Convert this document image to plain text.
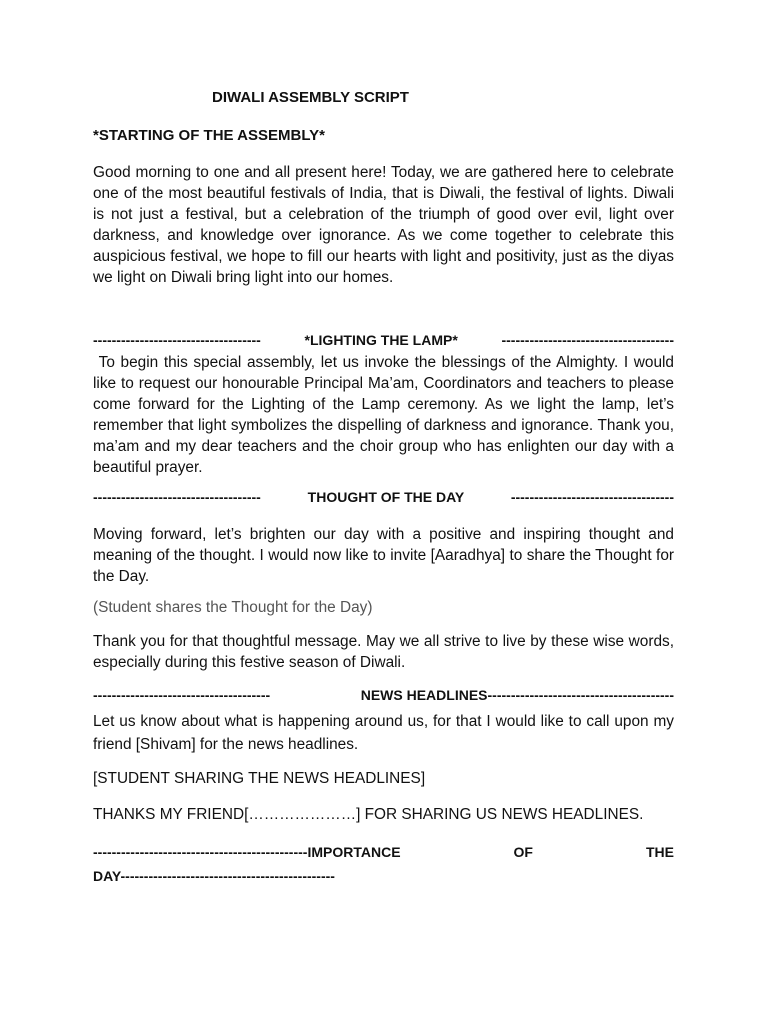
DIWALI ASSEMBLY SCRIPT
*STARTING OF THE ASSEMBLY*
Good morning to one and all present here! Today, we are gathered here to celebrate one of the most beautiful festivals of India, that is Diwali, the festival of lights. Diwali is not just a festival, but a celebration of the triumph of good over evil, light over darkness, and knowledge over ignorance. As we come together to celebrate this auspicious festival, we hope to fill our hearts with light and positivity, just as the diyas we light on Diwali bring light into our homes.
------------------------------------	*LIGHTING THE LAMP*	-------------------------------------
To begin this special assembly, let us invoke the blessings of the Almighty. I would like to request our honourable Principal Ma’am, Coordinators and teachers to please come forward for the Lighting of the Lamp ceremony. As we light the lamp, let’s remember that light symbolizes the dispelling of darkness and ignorance. Thank you, ma’am and my dear teachers and the choir group who has enlighten our day with a beautiful prayer.
------------------------------------	THOUGHT OF THE DAY	-----------------------------------
Moving forward, let’s brighten our day with a positive and inspiring thought and meaning of the thought. I would now like to invite [Aaradhya] to share the Thought for the Day.
(Student shares the Thought for the Day)
Thank you for that thoughtful message. May we all strive to live by these wise words, especially during this festive season of Diwali.
--------------------------------------	NEWS HEADLINES ----------------------------------------
Let us know about what is happening around us, for that I would like to call upon my friend [Shivam] for the news headlines.
[STUDENT SHARING THE NEWS HEADLINES]
THANKS MY FRIEND[…………………] FOR SHARING US NEWS HEADLINES.
----------------------------------------------IMPORTANCE	OF	THE
DAY----------------------------------------------
